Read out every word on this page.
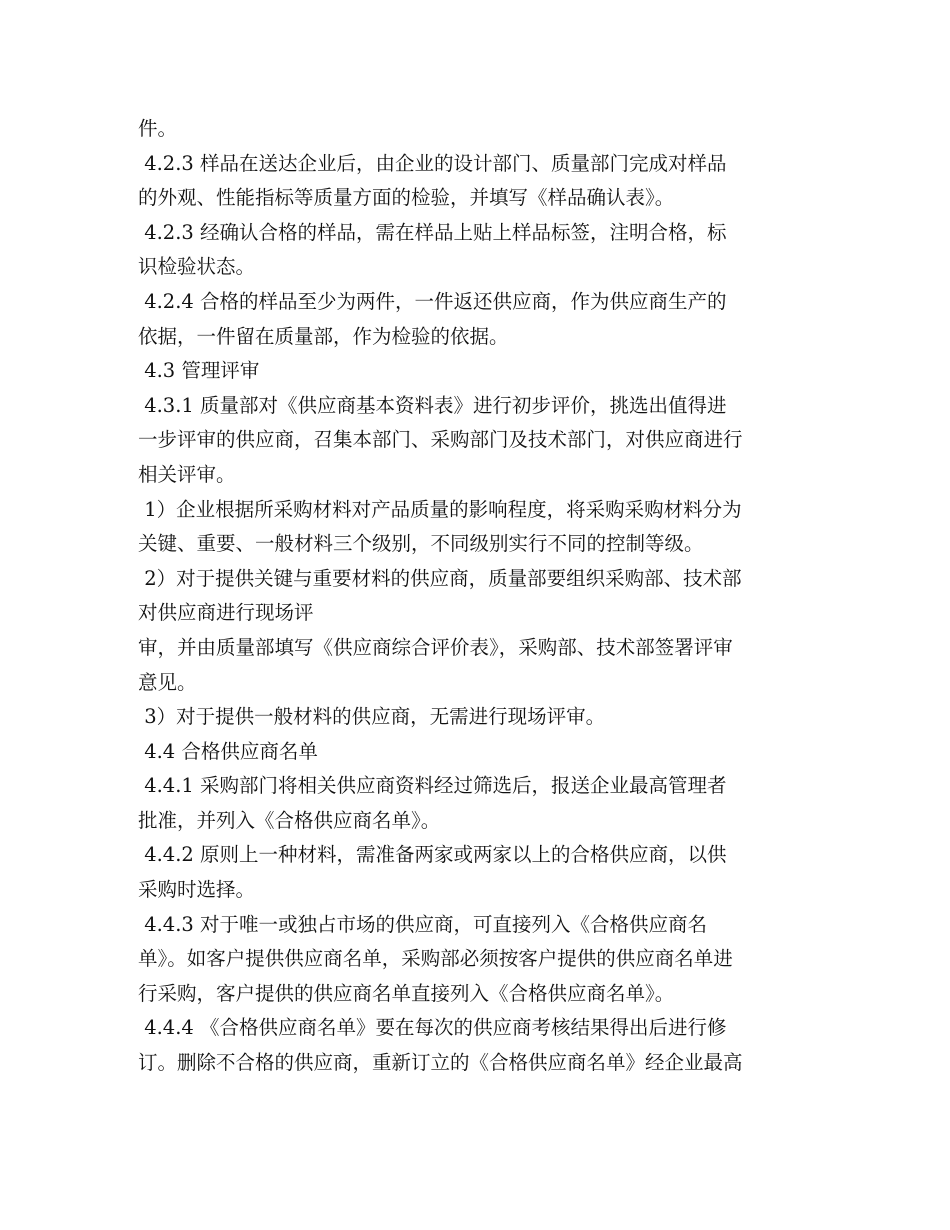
件。
4.2.3 样品在送达企业后，由企业的设计部门、质量部门完成对样品
的外观、性能指标等质量方面的检验，并填写《样品确认表》。
4.2.3 经确认合格的样品，需在样品上贴上样品标签，注明合格，标
识检验状态。
4.2.4 合格的样品至少为两件，一件返还供应商，作为供应商生产的
依据，一件留在质量部，作为检验的依据。
4.3 管理评审
4.3.1 质量部对《供应商基本资料表》进行初步评价，挑选出值得进
一步评审的供应商，召集本部门、采购部门及技术部门，对供应商进行
相关评审。
1）企业根据所采购材料对产品质量的影响程度，将采购采购材料分为
关键、重要、一般材料三个级别，不同级别实行不同的控制等级。
2）对于提供关键与重要材料的供应商，质量部要组织采购部、技术部
对供应商进行现场评
审，并由质量部填写《供应商综合评价表》，采购部、技术部签署评审
意见。
3）对于提供一般材料的供应商，无需进行现场评审。
4.4 合格供应商名单
4.4.1 采购部门将相关供应商资料经过筛选后，报送企业最高管理者
批准，并列入《合格供应商名单》。
4.4.2 原则上一种材料，需准备两家或两家以上的合格供应商，以供
采购时选择。
4.4.3 对于唯一或独占市场的供应商，可直接列入《合格供应商名
单》。如客户提供供应商名单，采购部必须按客户提供的供应商名单进
行采购，客户提供的供应商名单直接列入《合格供应商名单》。
4.4.4 《合格供应商名单》要在每次的供应商考核结果得出后进行修
订。删除不合格的供应商，重新订立的《合格供应商名单》经企业最高
